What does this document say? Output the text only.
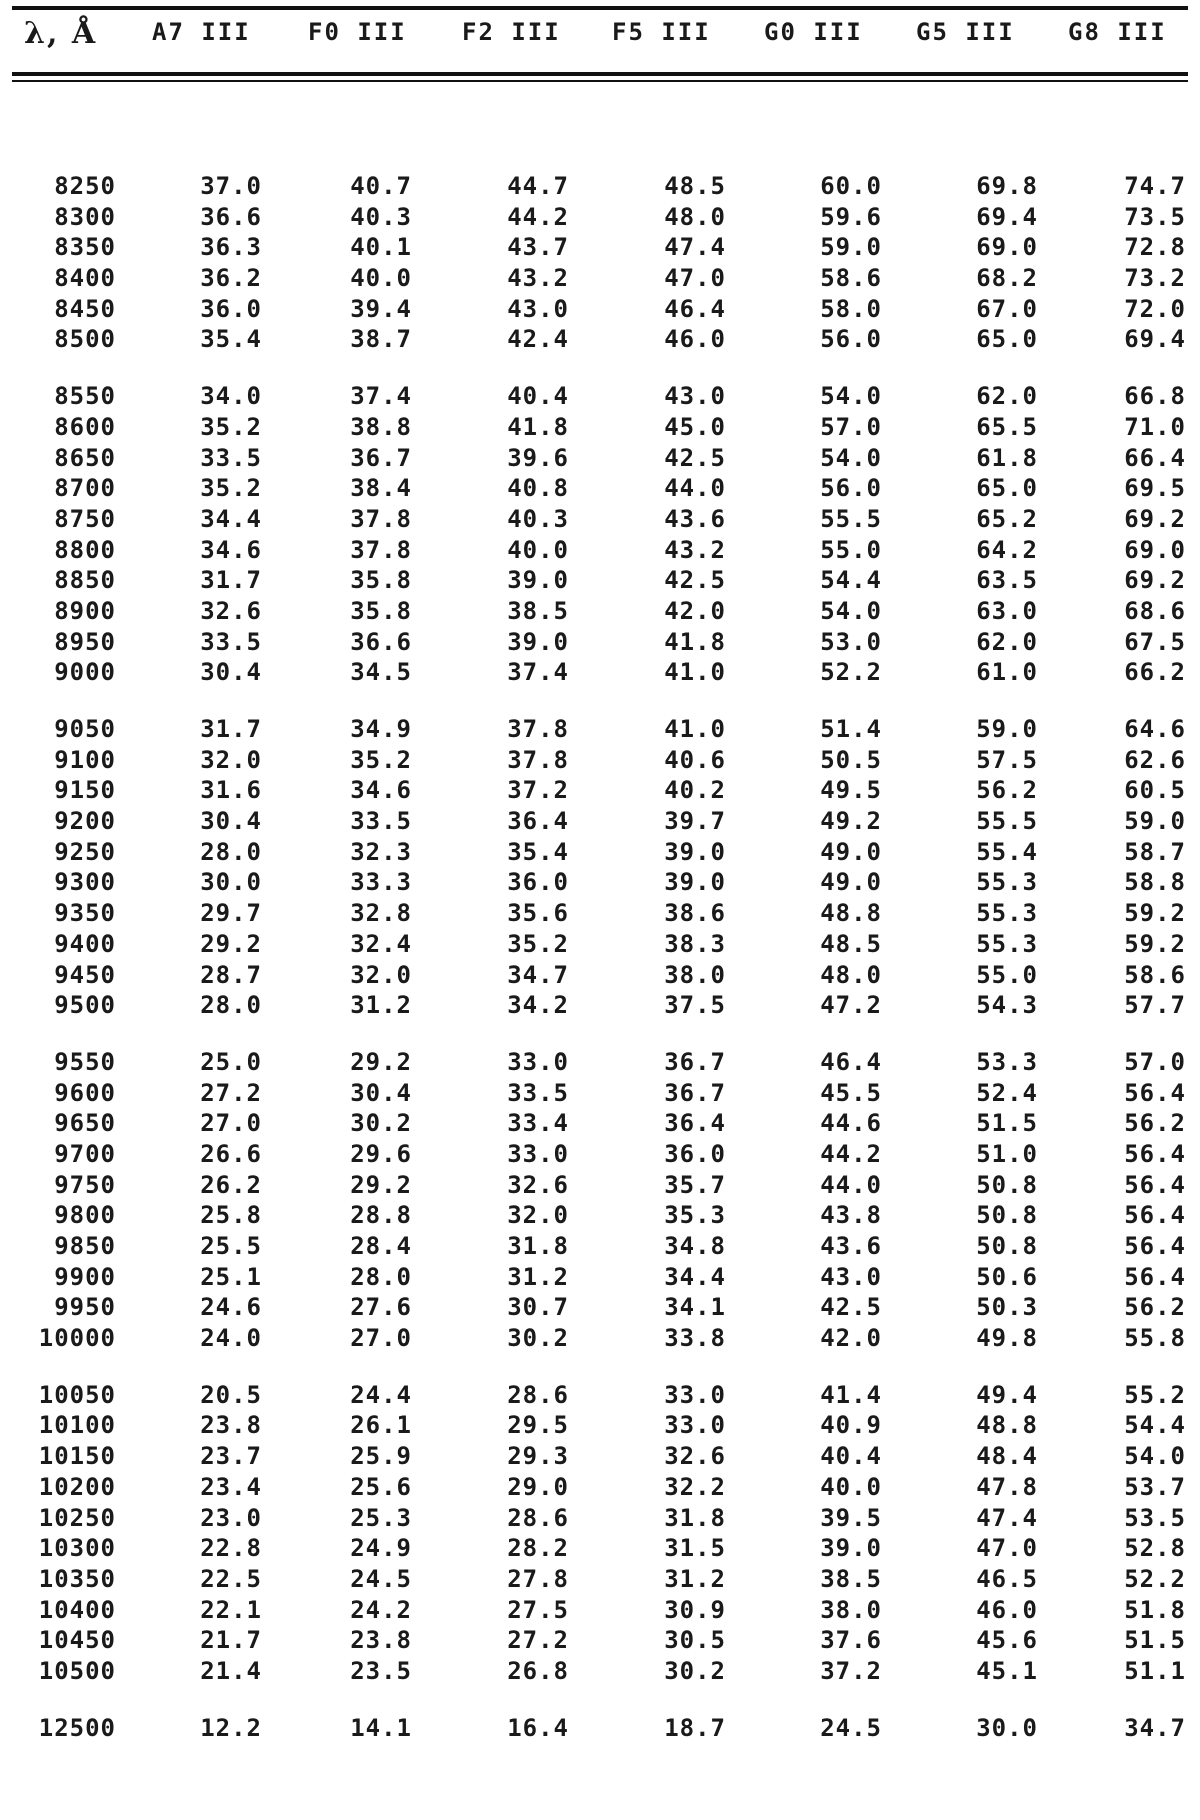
λ, Å A7 III F0 III F2 III F5 III G0 III G5 III G8 III
8250	37.0	40.7	44.7	48.5	60.0	69.8	74.7
8300	36.6	40.3	44.2	48.0	59.6	69.4	73.5
8350	36.3	40.1	43.7	47.4	59.0	69.0	72.8
8400	36.2	40.0	43.2	47.0	58.6	68.2	73.2
8450	36.0	39.4	43.0	46.4	58.0	67.0	72.0
8500	35.4	38.7	42.4	46.0	56.0	65.0	69.4
8550	34.0	37.4	40.4	43.0	54.0	62.0	66.8
8600	35.2	38.8	41.8	45.0	57.0	65.5	71.0
8650	33.5	36.7	39.6	42.5	54.0	61.8	66.4
8700	35.2	38.4	40.8	44.0	56.0	65.0	69.5
8750	34.4	37.8	40.3	43.6	55.5	65.2	69.2
8800	34.6	37.8	40.0	43.2	55.0	64.2	69.0
8850	31.7	35.8	39.0	42.5	54.4	63.5	69.2
8900	32.6	35.8	38.5	42.0	54.0	63.0	68.6
8950	33.5	36.6	39.0	41.8	53.0	62.0	67.5
9000	30.4	34.5	37.4	41.0	52.2	61.0	66.2
9050	31.7	34.9	37.8	41.0	51.4	59.0	64.6
9100	32.0	35.2	37.8	40.6	50.5	57.5	62.6
9150	31.6	34.6	37.2	40.2	49.5	56.2	60.5
9200	30.4	33.5	36.4	39.7	49.2	55.5	59.0
9250	28.0	32.3	35.4	39.0	49.0	55.4	58.7
9300	30.0	33.3	36.0	39.0	49.0	55.3	58.8
9350	29.7	32.8	35.6	38.6	48.8	55.3	59.2
9400	29.2	32.4	35.2	38.3	48.5	55.3	59.2
9450	28.7	32.0	34.7	38.0	48.0	55.0	58.6
9500	28.0	31.2	34.2	37.5	47.2	54.3	57.7
9550	25.0	29.2	33.0	36.7	46.4	53.3	57.0
9600	27.2	30.4	33.5	36.7	45.5	52.4	56.4
9650	27.0	30.2	33.4	36.4	44.6	51.5	56.2
9700	26.6	29.6	33.0	36.0	44.2	51.0	56.4
9750	26.2	29.2	32.6	35.7	44.0	50.8	56.4
9800	25.8	28.8	32.0	35.3	43.8	50.8	56.4
9850	25.5	28.4	31.8	34.8	43.6	50.8	56.4
9900	25.1	28.0	31.2	34.4	43.0	50.6	56.4
9950	24.6	27.6	30.7	34.1	42.5	50.3	56.2
10000	24.0	27.0	30.2	33.8	42.0	49.8	55.8
10050	20.5	24.4	28.6	33.0	41.4	49.4	55.2
10100	23.8	26.1	29.5	33.0	40.9	48.8	54.4
10150	23.7	25.9	29.3	32.6	40.4	48.4	54.0
10200	23.4	25.6	29.0	32.2	40.0	47.8	53.7
10250	23.0	25.3	28.6	31.8	39.5	47.4	53.5
10300	22.8	24.9	28.2	31.5	39.0	47.0	52.8
10350	22.5	24.5	27.8	31.2	38.5	46.5	52.2
10400	22.1	24.2	27.5	30.9	38.0	46.0	51.8
10450	21.7	23.8	27.2	30.5	37.6	45.6	51.5
10500	21.4	23.5	26.8	30.2	37.2	45.1	51.1
12500	12.2	14.1	16.4	18.7	24.5	30.0	34.7
